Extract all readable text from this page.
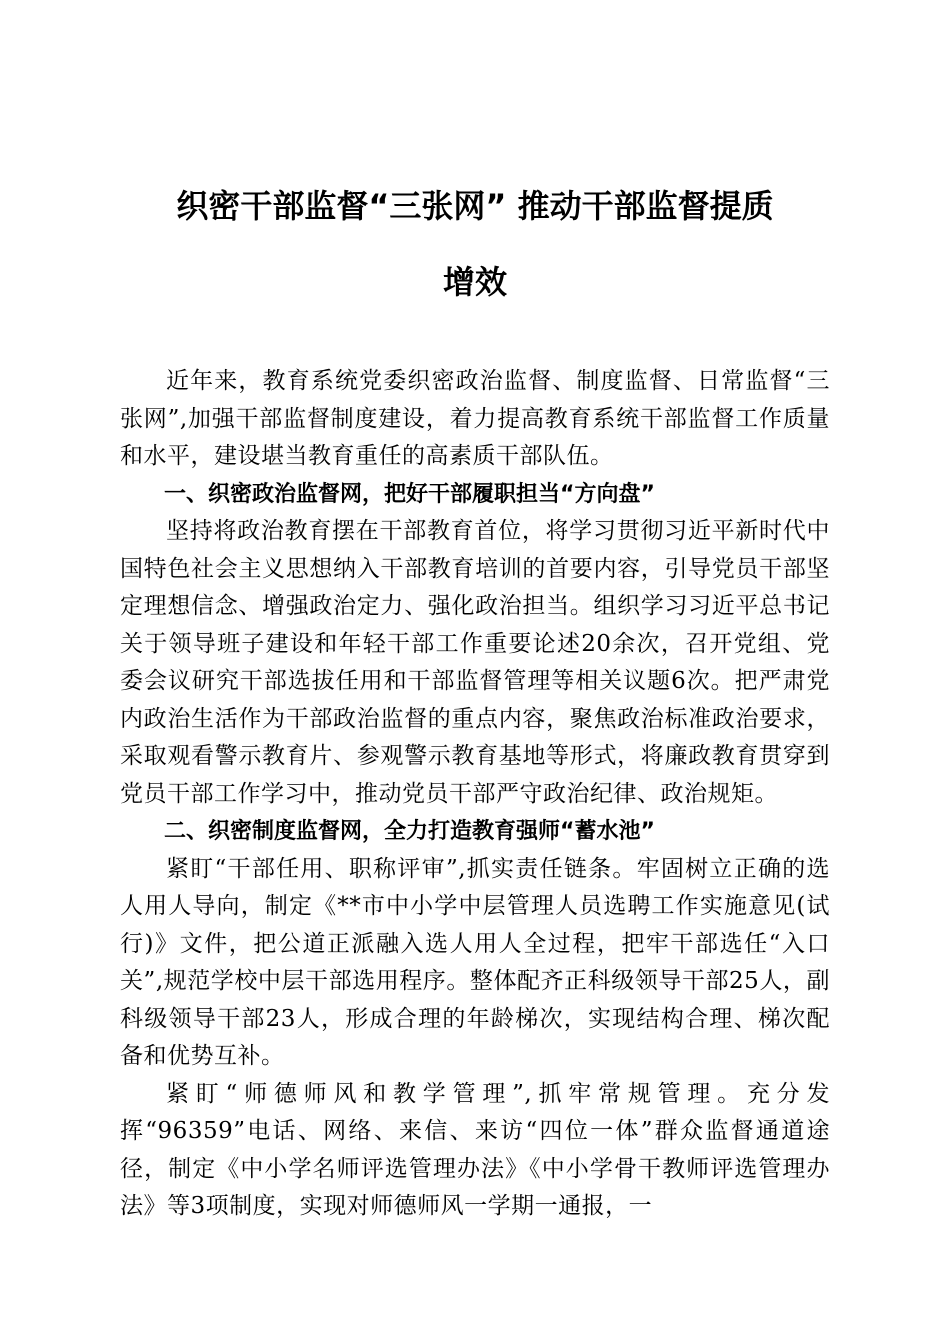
织密干部监督“三张网” 推动干部监督提质
增效

近年来，教育系统党委织密政治监督、制度监督、日常监督“三张网”,加强干部监督制度建设，着力提高教育系统干部监督工作质量和水平，建设堪当教育重任的高素质干部队伍。

一、织密政治监督网，把好干部履职担当“方向盘”

坚持将政治教育摆在干部教育首位，将学习贯彻习近平新时代中国特色社会主义思想纳入干部教育培训的首要内容，引导党员干部坚定理想信念、增强政治定力、强化政治担当。组织学习习近平总书记关于领导班子建设和年轻干部工作重要论述20余次，召开党组、党委会议研究干部选拔任用和干部监督管理等相关议题6次。把严肃党内政治生活作为干部政治监督的重点内容，聚焦政治标准政治要求，采取观看警示教育片、参观警示教育基地等形式，将廉政教育贯穿到党员干部工作学习中，推动党员干部严守政治纪律、政治规矩。

二、织密制度监督网，全力打造教育强师“蓄水池”

紧盯“干部任用、职称评审”,抓实责任链条。牢固树立正确的选人用人导向，制定《**市中小学中层管理人员选聘工作实施意见(试行)》文件，把公道正派融入选人用人全过程，把牢干部选任“入口关”,规范学校中层干部选用程序。整体配齐正科级领导干部25人，副科级领导干部23人，形成合理的年龄梯次，实现结构合理、梯次配备和优势互补。

紧盯“师德师风和教学管理”,抓牢常规管理。充分发挥“96359”电话、网络、来信、来访“四位一体”群众监督通道途径，制定《中小学名师评选管理办法》《中小学骨干教师评选管理办法》等3项制度，实现对师德师风一学期一通报，一
